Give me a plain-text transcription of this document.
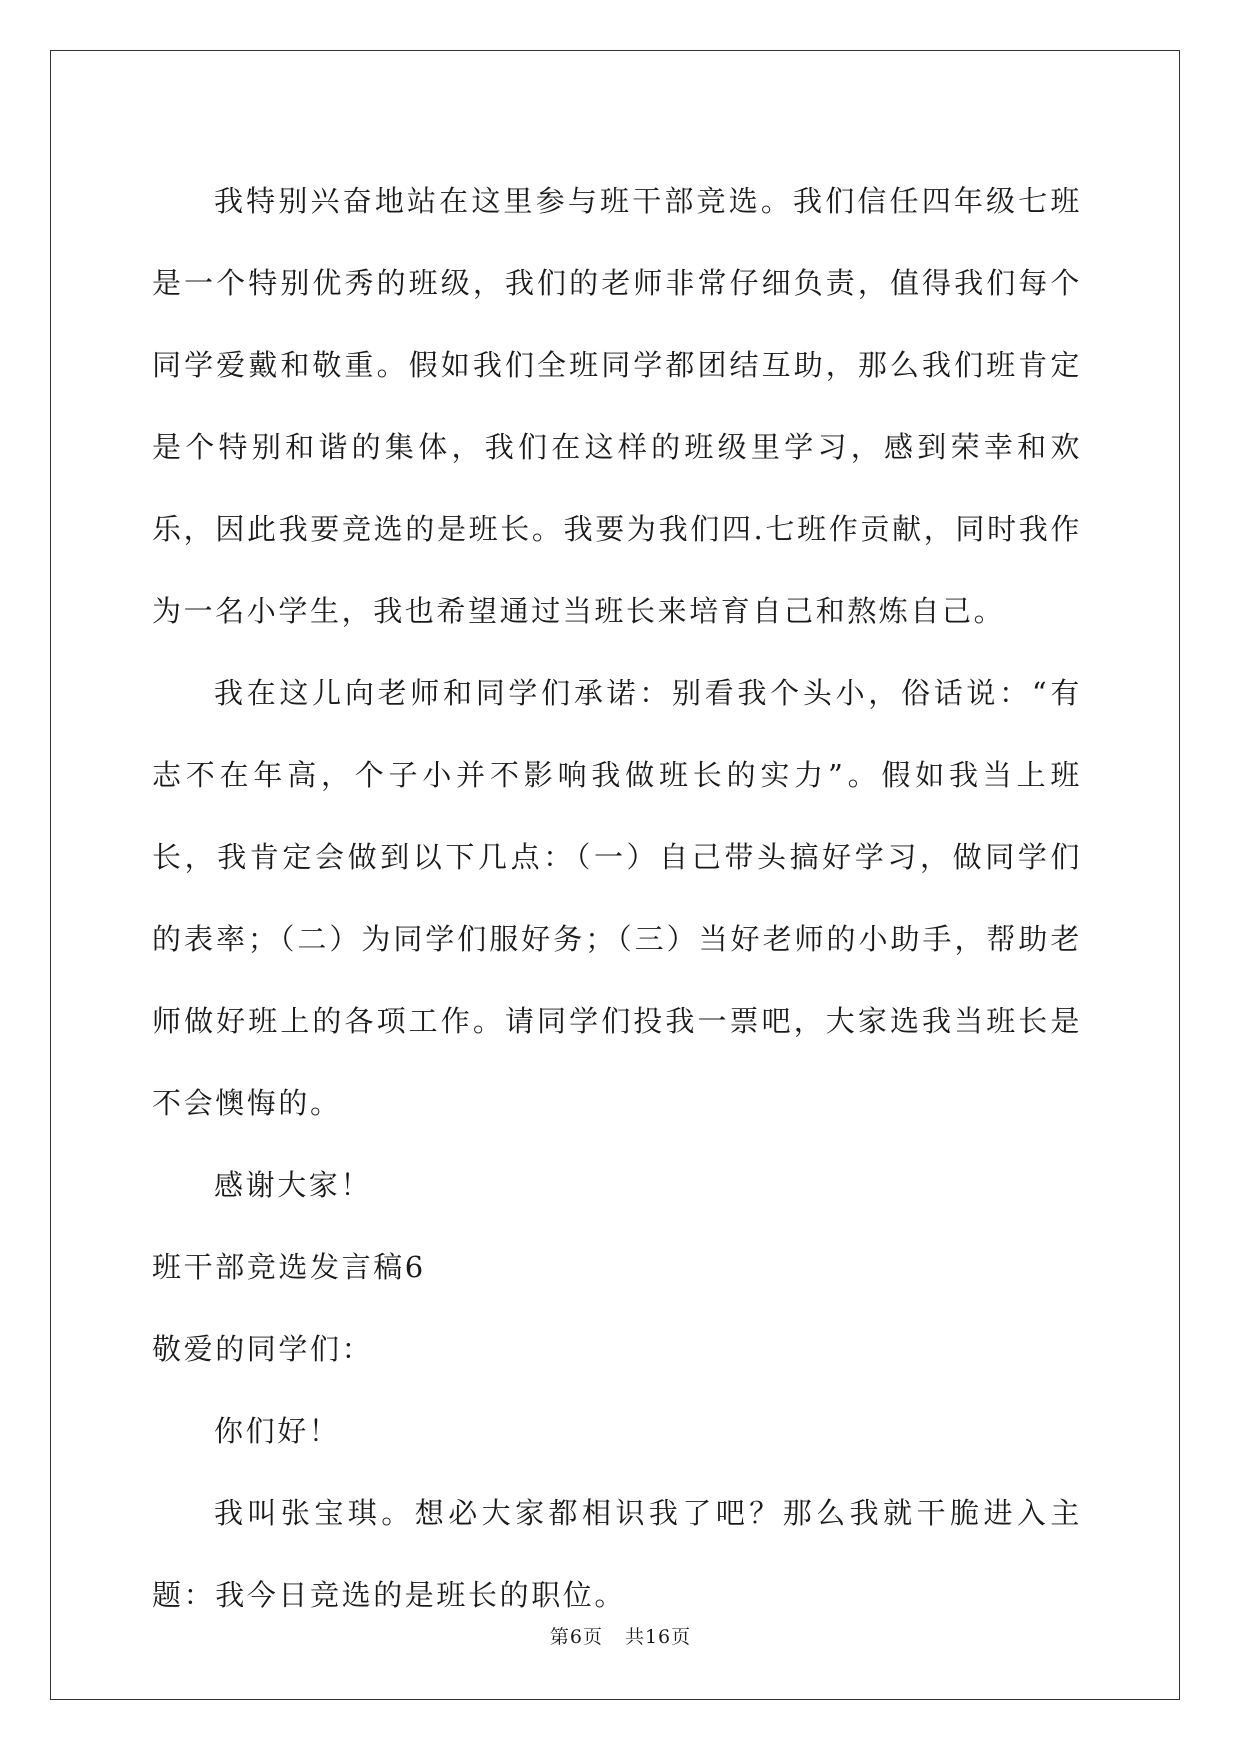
我特别兴奋地站在这里参与班干部竞选。我们信任四年级七班是一个特别优秀的班级，我们的老师非常仔细负责，值得我们每个同学爱戴和敬重。假如我们全班同学都团结互助，那么我们班肯定是个特别和谐的集体，我们在这样的班级里学习，感到荣幸和欢乐，因此我要竞选的是班长。我要为我们四.七班作贡献，同时我作为一名小学生，我也希望通过当班长来培育自己和熬炼自己。

我在这儿向老师和同学们承诺：别看我个头小，俗话说：“有志不在年高，个子小并不影响我做班长的实力”。假如我当上班长，我肯定会做到以下几点：（一）自己带头搞好学习，做同学们的表率；（二）为同学们服好务；（三）当好老师的小助手，帮助老师做好班上的各项工作。请同学们投我一票吧，大家选我当班长是不会懊悔的。

感谢大家！

班干部竞选发言稿6

敬爱的同学们：

你们好！

我叫张宝琪。想必大家都相识我了吧？那么我就干脆进入主题：我今日竞选的是班长的职位。

第6页 共16页
